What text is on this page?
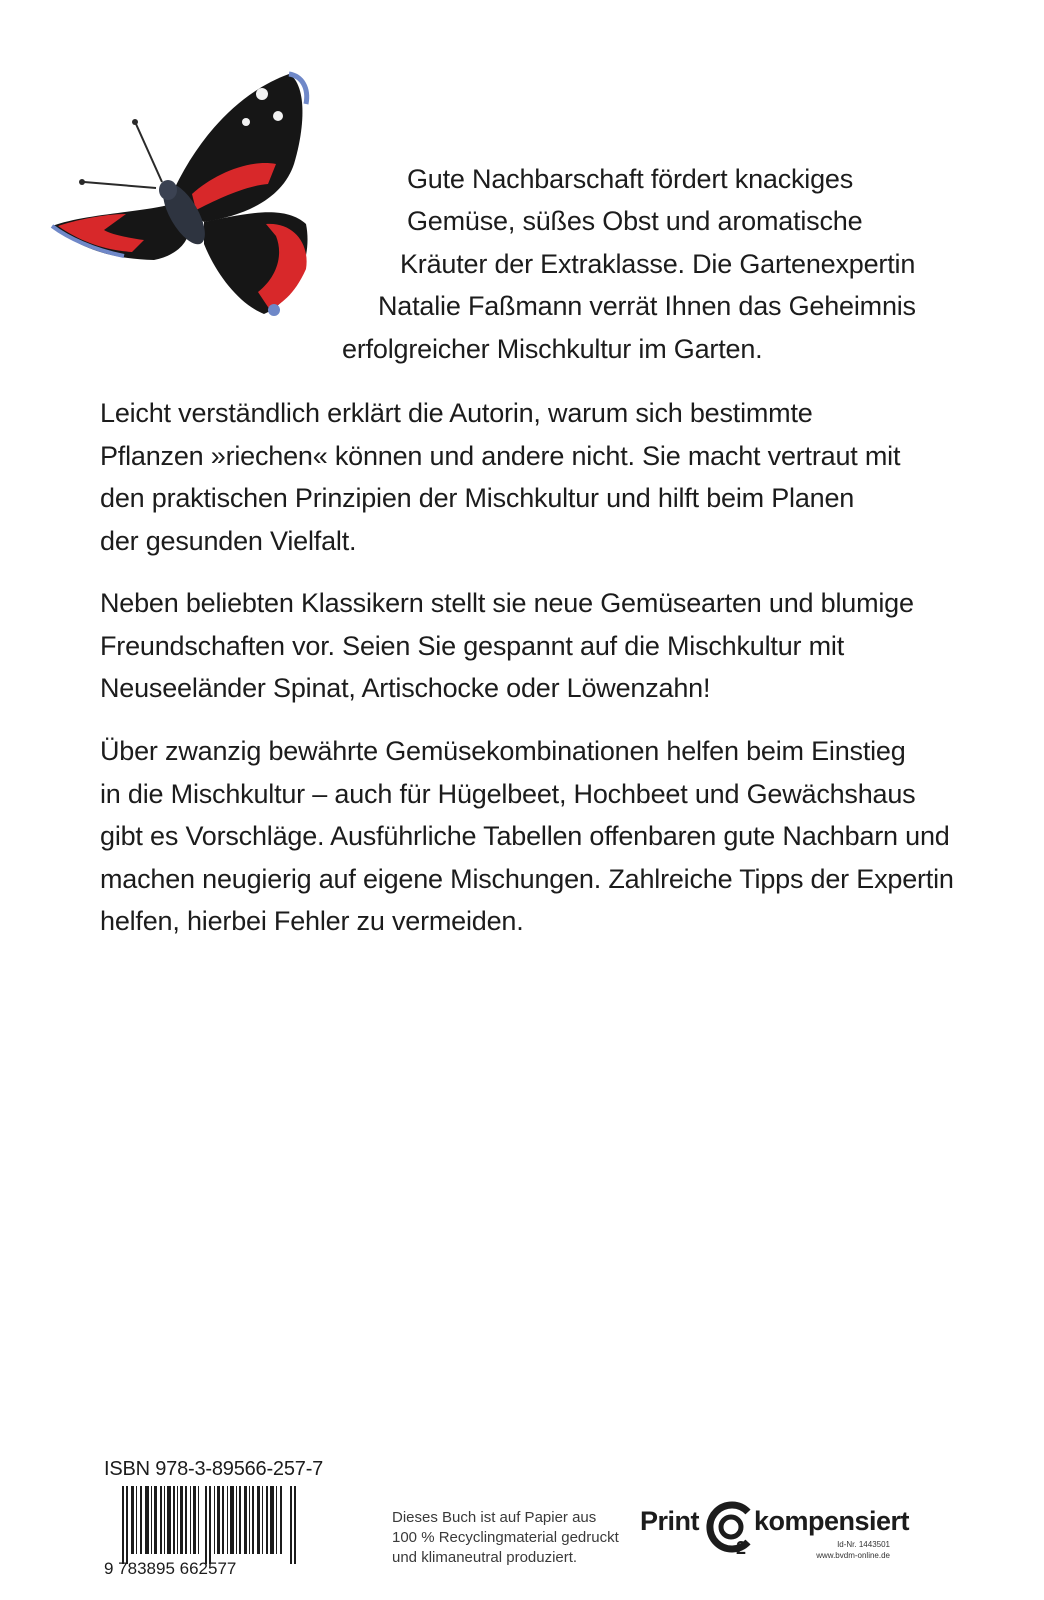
Gute Nachbarschaft fördert knackiges
Gemüse, süßes Obst und aromatische
Kräuter der Extraklasse. Die Gartenexpertin
Natalie Faßmann verrät Ihnen das Geheimnis
erfolgreicher Mischkultur im Garten.
Leicht verständlich erklärt die Autorin, warum sich bestimmte
Pflanzen »riechen« können und andere nicht. Sie macht vertraut mit
den praktischen Prinzipien der Mischkultur und hilft beim Planen
der gesunden Vielfalt.
Neben beliebten Klassikern stellt sie neue Gemüsearten und blumige
Freundschaften vor. Seien Sie gespannt auf die Mischkultur mit
Neuseeländer Spinat, Artischocke oder Löwenzahn!
Über zwanzig bewährte Gemüsekombinationen helfen beim Einstieg
in die Mischkultur – auch für Hügelbeet, Hochbeet und Gewächshaus
gibt es Vorschläge. Ausführliche Tabellen offenbaren gute Nachbarn und
machen neugierig auf eigene Mischungen. Zahlreiche Tipps der Expertin
helfen, hierbei Fehler zu vermeiden.
ISBN 978-3-89566-257-7
9 783895 662577
Dieses Buch ist auf Papier aus
100 % Recyclingmaterial gedruckt
und klimaneutral produziert.
Print
2
kompensiert
Id-Nr. 1443501
www.bvdm-online.de
